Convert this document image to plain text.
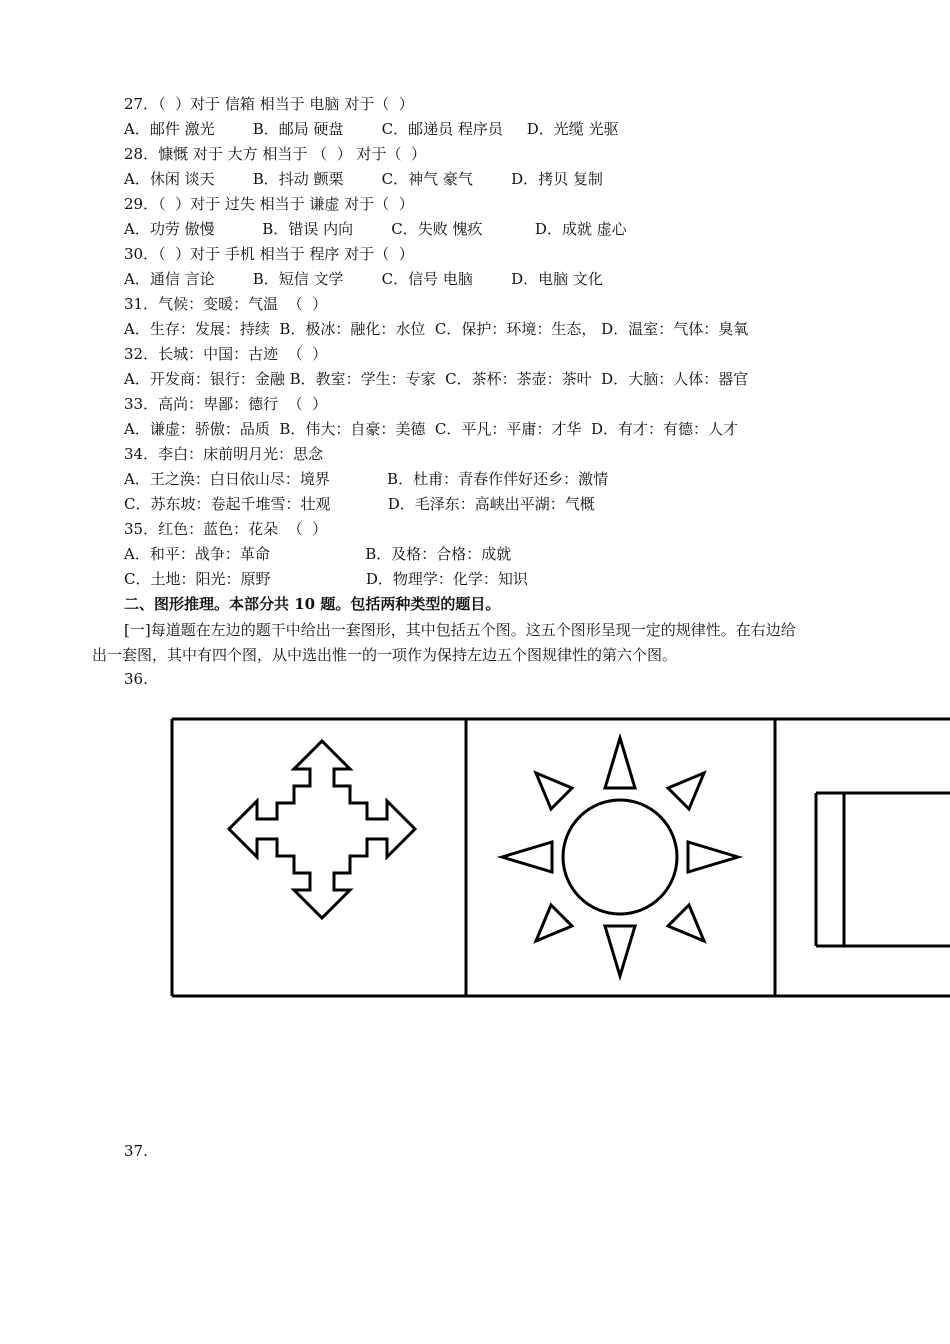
27．（  ）对于 信箱 相当于 电脑 对于（  ）
A．邮件 激光        B．邮局 硬盘        C．邮递员 程序员     D．光缆 光驱
28．慷慨 对于 大方 相当于 （  ） 对于（  ）
A．休闲 谈天        B．抖动 颤栗        C．神气 豪气        D．拷贝 复制
29．（  ）对于 过失 相当于 谦虚 对于（  ）
A．功劳 傲慢          B．错误 内向        C．失败 愧疚           D．成就 虚心
30．（  ）对于 手机 相当于 程序 对于（  ）
A．通信 言论        B．短信 文学        C．信号 电脑        D．电脑 文化
31．气候：变暖：气温  （  ）
A．生存：发展：持续  B．极冰：融化：水位  C．保护：环境：生态， D．温室：气体：臭氧
32．长城：中国：古迹  （  ）
A．开发商：银行：金融 B．教室：学生：专家  C．茶杯：茶壶：茶叶  D．大脑：人体：器官
33．高尚：卑鄙：德行  （  ）
A．谦虚：骄傲：品质  B．伟大：自豪：美德  C．平凡：平庸：才华  D．有才：有德：人才
34．李白：床前明月光：思念
A．王之涣：白日依山尽：境界            B．杜甫：青春作伴好还乡：激情
C．苏东坡：卷起千堆雪：壮观            D．毛泽东：高峡出平湖：气概
35．红色：蓝色：花朵  （  ）
A．和平：战争：革命                    B．及格：合格：成就
C．土地：阳光：原野                    D．物理学：化学：知识
二、图形推理。本部分共 10 题。包括两种类型的题目。
[一]每道题在左边的题干中给出一套图形，其中包括五个图。这五个图形呈现一定的规律性。在右边给
出一套图，其中有四个图，从中选出惟一的一项作为保持左边五个图规律性的第六个图。
36.
37.
